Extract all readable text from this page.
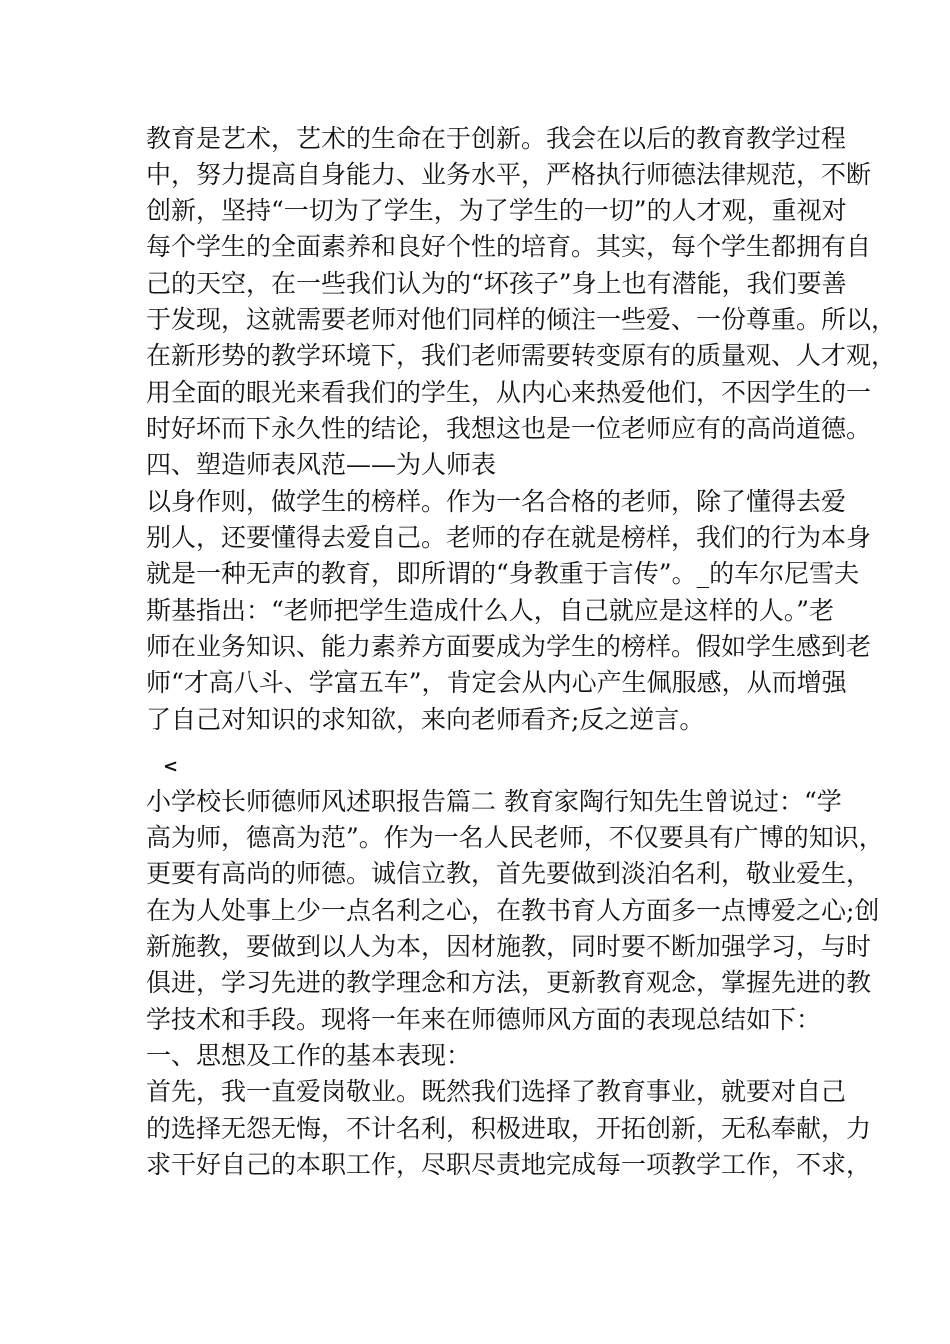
教育是艺术，艺术的生命在于创新。我会在以后的教育教学过程
中，努力提高自身能力、业务水平，严格执行师德法律规范，不断
创新，坚持“一切为了学生，为了学生的一切”的人才观，重视对
每个学生的全面素养和良好个性的培育。其实，每个学生都拥有自
己的天空，在一些我们认为的“坏孩子”身上也有潜能，我们要善
于发现，这就需要老师对他们同样的倾注一些爱、一份尊重。所以，
在新形势的教学环境下，我们老师需要转变原有的质量观、人才观，
用全面的眼光来看我们的学生，从内心来热爱他们，不因学生的一
时好坏而下永久性的结论，我想这也是一位老师应有的高尚道德。
四、塑造师表风范——为人师表
以身作则，做学生的榜样。作为一名合格的老师，除了懂得去爱
别人，还要懂得去爱自己。老师的存在就是榜样，我们的行为本身
就是一种无声的教育，即所谓的“身教重于言传”。_的车尔尼雪夫
斯基指出：“老师把学生造成什么人，自己就应是这样的人。”老
师在业务知识、能力素养方面要成为学生的榜样。假如学生感到老
师“才高八斗、学富五车”，肯定会从内心产生佩服感，从而增强
了自己对知识的求知欲，来向老师看齐;反之逆言。
<
小学校长师德师风述职报告篇二 教育家陶行知先生曾说过：“学
高为师，德高为范”。作为一名人民老师，不仅要具有广博的知识，
更要有高尚的师德。诚信立教，首先要做到淡泊名利，敬业爱生，
在为人处事上少一点名利之心，在教书育人方面多一点博爱之心;创
新施教，要做到以人为本，因材施教，同时要不断加强学习，与时
俱进，学习先进的教学理念和方法，更新教育观念，掌握先进的教
学技术和手段。现将一年来在师德师风方面的表现总结如下：
一、思想及工作的基本表现：
首先，我一直爱岗敬业。既然我们选择了教育事业，就要对自己
的选择无怨无悔，不计名利，积极进取，开拓创新，无私奉献，力
求干好自己的本职工作，尽职尽责地完成每一项教学工作，不求，
